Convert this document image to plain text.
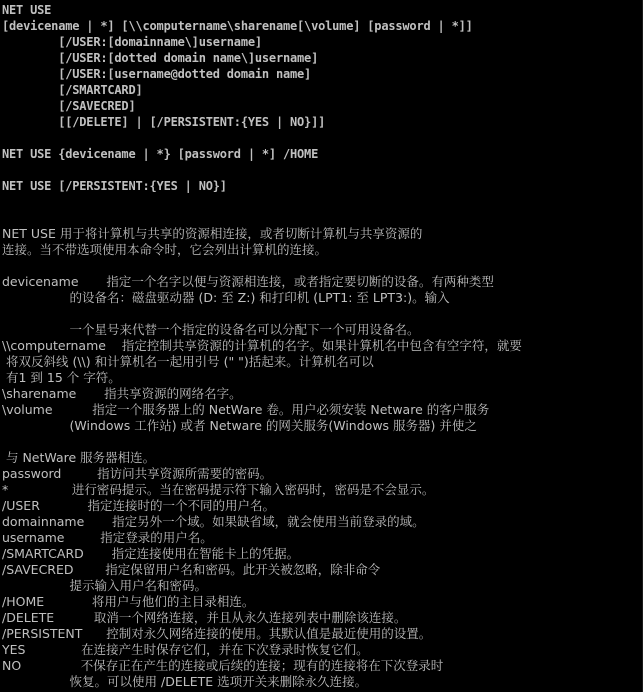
NET USE
[devicename | *] [\\computername\sharename[\volume] [password | *]]
[/USER:[domainname\]username]
[/USER:[dotted domain name\]username]
[/USER:[username@dotted domain name]
[/SMARTCARD]
[/SAVECRED]
[[/DELETE] | [/PERSISTENT:{YES | NO}]]
NET USE {devicename | *} [password | *] /HOME
NET USE [/PERSISTENT:{YES | NO}]
NET USE 用于将计算机与共享的资源相连接，或者切断计算机与共享资源的
连接。当不带选项使用本命令时，它会列出计算机的连接。
devicename       指定一个名字以便与资源相连接，或者指定要切断的设备。有两种类型
的设备名：磁盘驱动器 (D: 至 Z:) 和打印机 (LPT1: 至 LPT3:)。输入
一个星号来代替一个指定的设备名可以分配下一个可用设备名。
\\computername    指定控制共享资源的计算机的名字。如果计算机名中包含有空字符，就要
将双反斜线 (\\) 和计算机名一起用引号 (" ")括起来。计算机名可以
有1 到 15 个 字符。
\sharename       指共享资源的网络名字。
\volume          指定一个服务器上的 NetWare 卷。用户必须安装 Netware 的客户服务
(Windows 工作站) 或者 Netware 的网关服务(Windows 服务器) 并使之
与 NetWare 服务器相连。
password         指访问共享资源所需要的密码。
*                进行密码提示。当在密码提示符下输入密码时，密码是不会显示。
/USER            指定连接时的一个不同的用户名。
domainname       指定另外一个域。如果缺省域，就会使用当前登录的域。
username         指定登录的用户名。
/SMARTCARD       指定连接使用在智能卡上的凭据。
/SAVECRED        指定保留用户名和密码。此开关被忽略，除非命令
提示输入用户名和密码。
/HOME            将用户与他们的主目录相连。
/DELETE          取消一个网络连接，并且从永久连接列表中删除该连接。
/PERSISTENT      控制对永久网络连接的使用。其默认值是最近使用的设置。
YES              在连接产生时保存它们，并在下次登录时恢复它们。
NO               不保存正在产生的连接或后续的连接；现有的连接将在下次登录时
恢复。可以使用 /DELETE 选项开关来删除永久连接。
